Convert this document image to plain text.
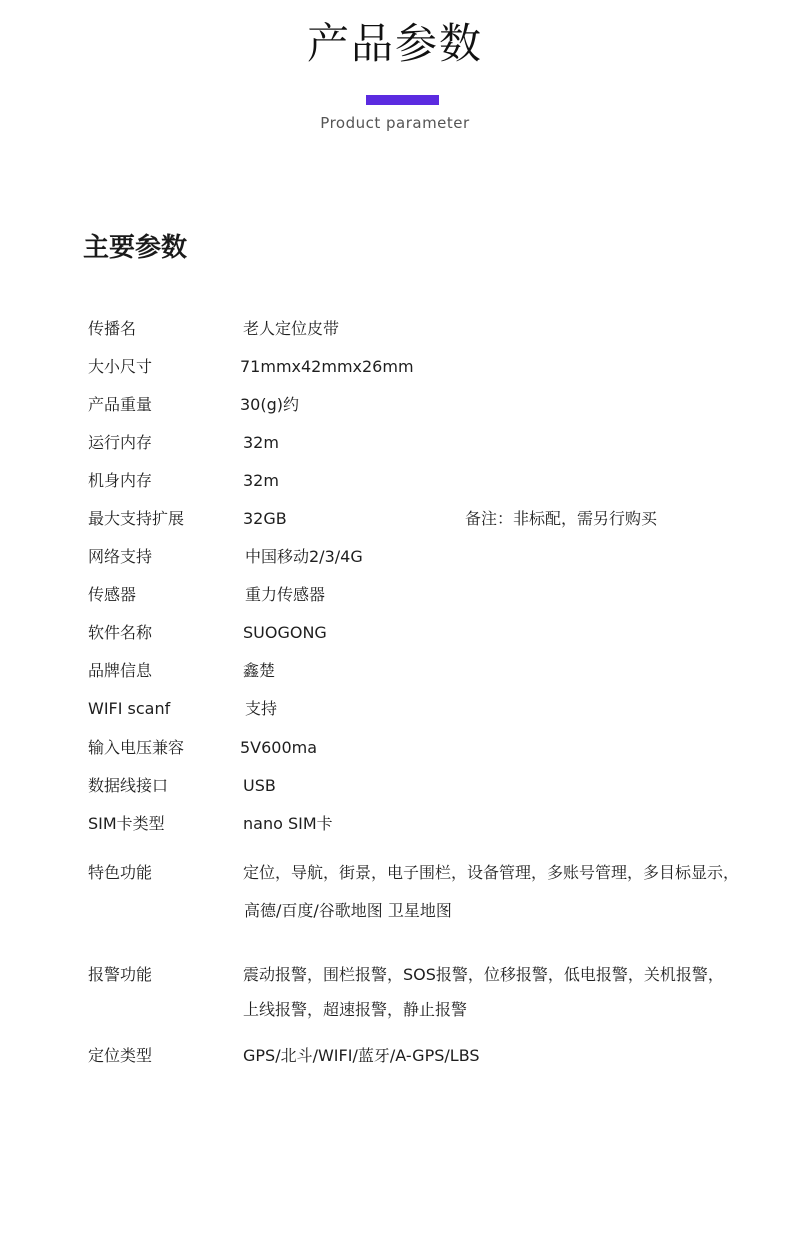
产品参数
Product parameter
主要参数
传播名	老人定位皮带
大小尺寸	71mmx42mmx26mm
产品重量	30(g)约
运行内存	32m
机身内存	32m
最大支持扩展	32GB	备注：非标配，需另行购买
网络支持	中国移动2/3/4G
传感器	重力传感器
软件名称	SUOGONG
品牌信息	鑫楚
WIFI scanf	支持
输入电压兼容	5V600ma
数据线接口	USB
SIM卡类型	nano SIM卡
特色功能	定位，导航，街景，电子围栏，设备管理，多账号管理，多目标显示，
高德/百度/谷歌地图 卫星地图
报警功能	震动报警，围栏报警，SOS报警，位移报警，低电报警，关机报警，
上线报警，超速报警，静止报警
定位类型	GPS/北斗/WIFI/蓝牙/A-GPS/LBS
